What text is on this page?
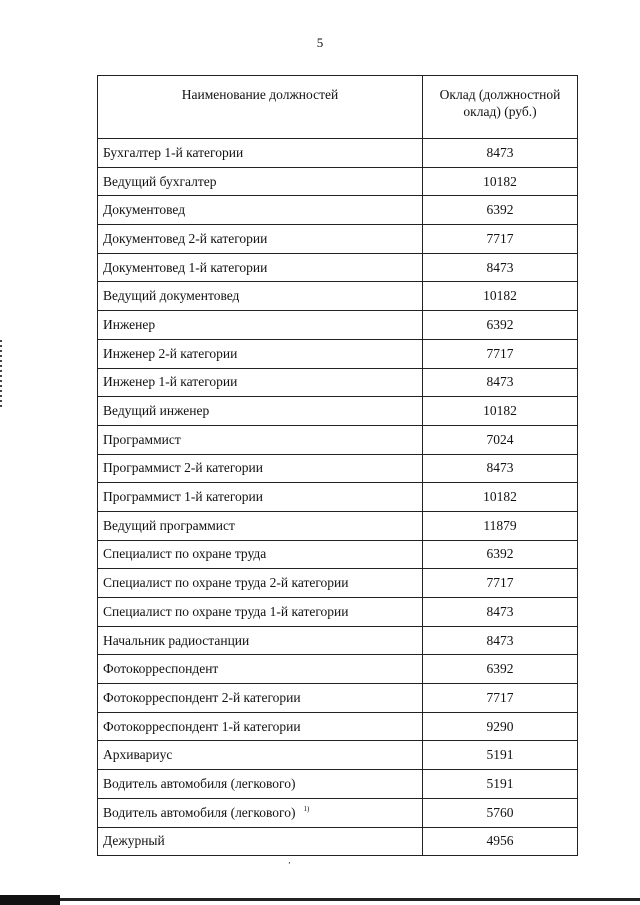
5
Наименование должностей	Оклад (должностной
оклад) (руб.)

Бухгалтер 1-й категории	8473
Ведущий бухгалтер	10182
Документовед	6392
Документовед 2-й категории	7717
Документовед 1-й категории	8473
Ведущий документовед	10182
Инженер	6392
Инженер 2-й категории	7717
Инженер 1-й категории	8473
Ведущий инженер	10182
Программист	7024
Программист 2-й категории	8473
Программист 1-й категории	10182
Ведущий программист	11879
Специалист по охране труда	6392
Специалист по охране труда 2-й категории	7717
Специалист по охране труда 1-й категории	8473
Начальник радиостанции	8473
Фотокорреспондент	6392
Фотокорреспондент 2-й категории	7717
Фотокорреспондент 1-й категории	9290
Архивариус	5191
Водитель автомобиля (легкового)	5191
Водитель автомобиля (легкового) $^{1)}$	5760
Дежурный	4956
‚
